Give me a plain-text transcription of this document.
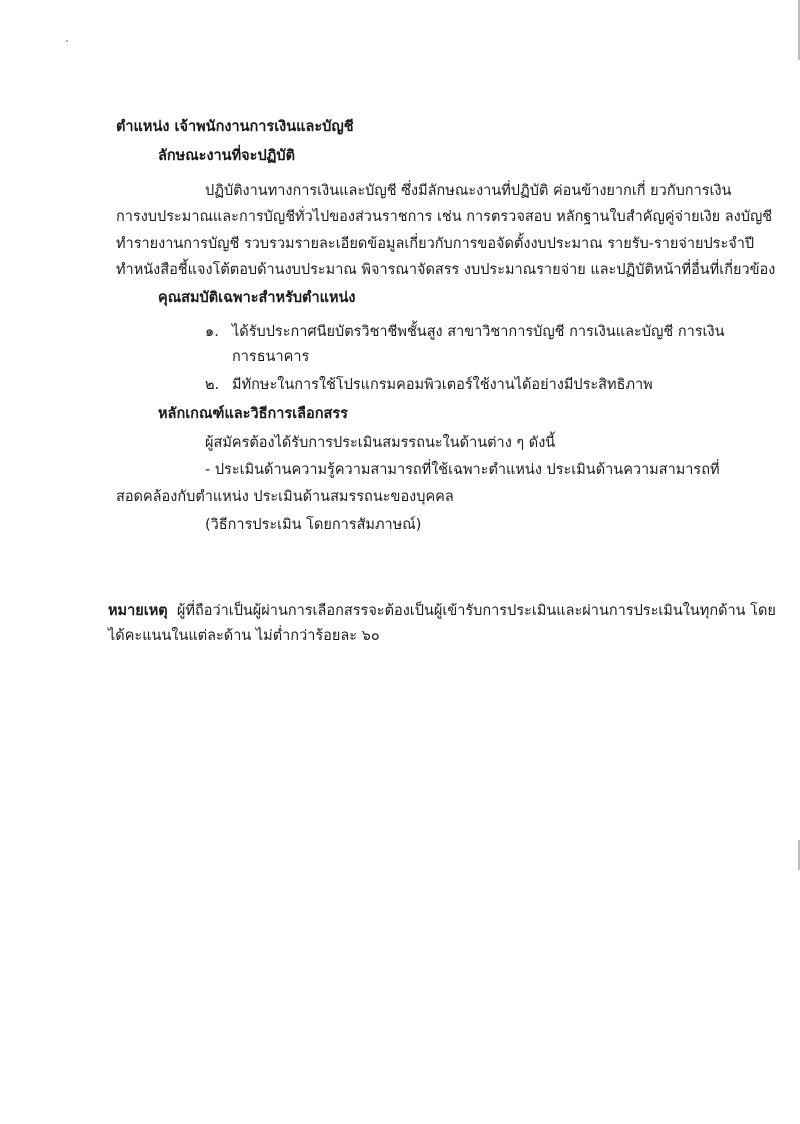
ตำแหน่ง เจ้าพนักงานการเงินและบัญชี
ลักษณะงานที่จะปฏิบัติ
ปฏิบัติงานทางการเงินและบัญชี ซึ่งมีลักษณะงานที่ปฏิบัติ ค่อนข้างยากเกี่ ยวกับการเงิน
การงบประมาณและการบัญชีทั่วไปของส่วนราชการ เช่น การตรวจสอบ หลักฐานใบสำคัญคู่จ่ายเงิย ลงบัญชี
ทำรายงานการบัญชี รวบรวมรายละเอียดข้อมูลเกี่ยวกับการขอจัดตั้งงบประมาณ รายรับ-รายจ่ายประจำปี
ทำหนังสือชี้แจงโต้ตอบด้านงบประมาณ พิจารณาจัดสรร งบประมาณรายจ่าย และปฏิบัติหน้าที่อื่นที่เกี่ยวข้อง
คุณสมบัติเฉพาะสำหรับตำแหน่ง
๑. ได้รับประกาศนียบัตรวิชาชีพชั้นสูง สาขาวิชาการบัญชี การเงินและบัญชี การเงิน
การธนาคาร
๒. มีทักษะในการใช้โปรแกรมคอมพิวเตอร์ใช้งานได้อย่างมีประสิทธิภาพ
หลักเกณฑ์และวิธีการเลือกสรร
ผู้สมัครต้องได้รับการประเมินสมรรถนะในด้านต่าง ๆ ดังนี้
- ประเมินด้านความรู้ความสามารถที่ใช้เฉพาะตำแหน่ง ประเมินด้านความสามารถที่
สอดคล้องกับตำแหน่ง ประเมินด้านสมรรถนะของบุคคล
(วิธีการประเมิน โดยการสัมภาษณ์)
หมายเหตุ ผู้ที่ถือว่าเป็นผู้ผ่านการเลือกสรรจะต้องเป็นผู้เข้ารับการประเมินและผ่านการประเมินในทุกด้าน โดย
ได้คะแนนในแต่ละด้าน ไม่ต่ำกว่าร้อยละ ๖๐
